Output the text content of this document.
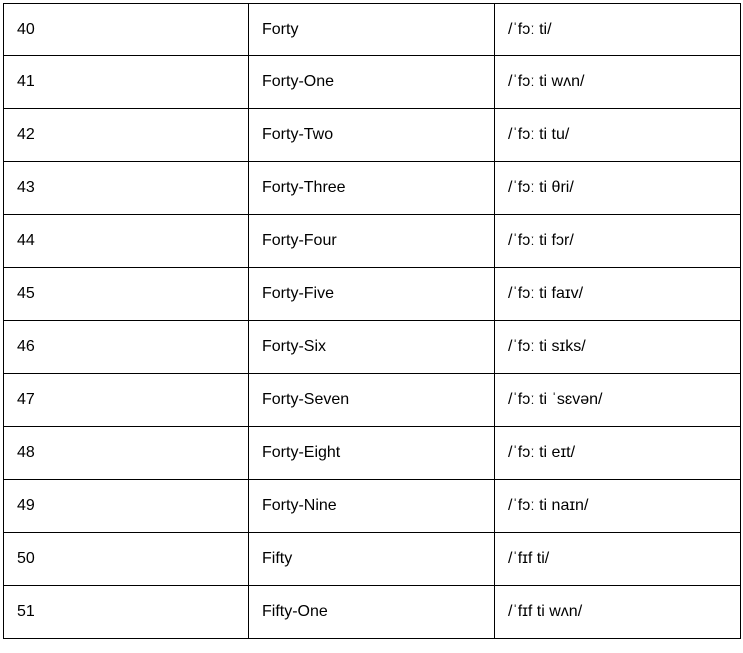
40	Forty	/ˈfɔː ti/
41	Forty-One	/ˈfɔː ti wʌn/
42	Forty-Two	/ˈfɔː ti tu/
43	Forty-Three	/ˈfɔː ti θri/
44	Forty-Four	/ˈfɔː ti fɔr/
45	Forty-Five	/ˈfɔː ti faɪv/
46	Forty-Six	/ˈfɔː ti sɪks/
47	Forty-Seven	/ˈfɔː ti ˈsɛvən/
48	Forty-Eight	/ˈfɔː ti eɪt/
49	Forty-Nine	/ˈfɔː ti naɪn/
50	Fifty	/ˈfɪf ti/
51	Fifty-One	/ˈfɪf ti wʌn/
